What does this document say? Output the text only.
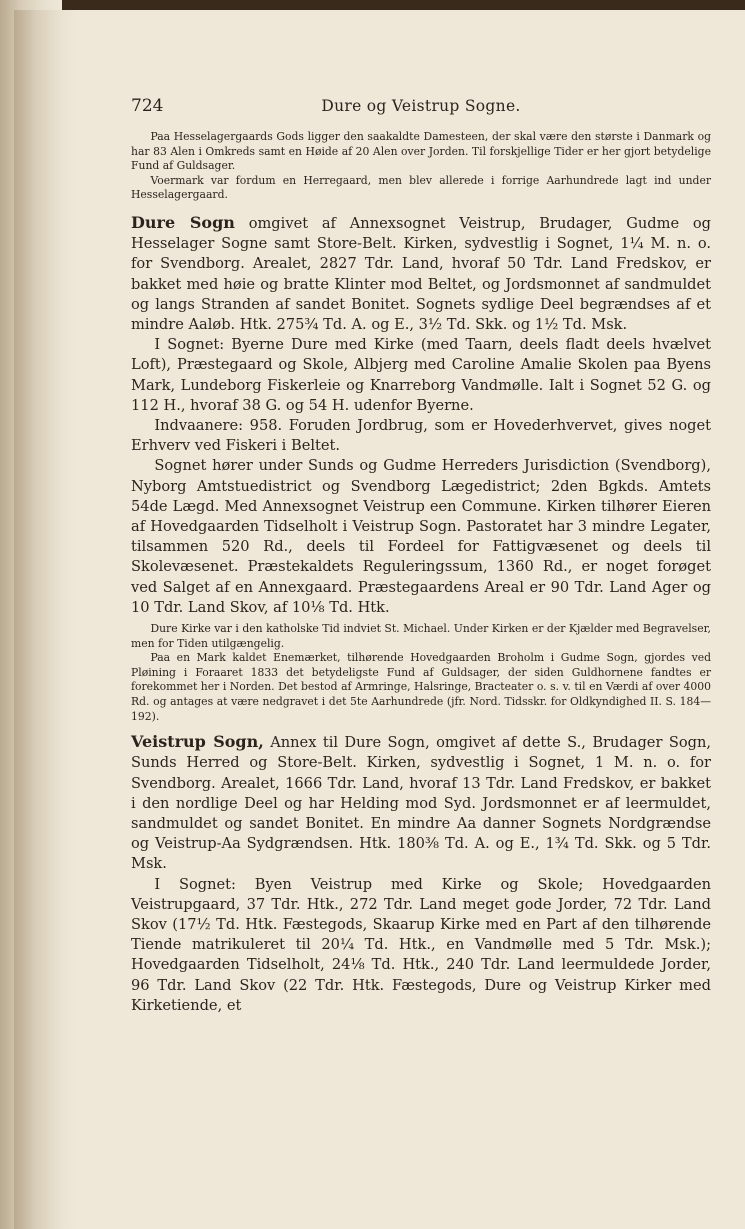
724	Dure og Veistrup Sogne.

Paa Hesselagergaards Gods ligger den saakaldte Damesteen, der skal være den største i Danmark og har 83 Alen i Omkreds samt en Høide af 20 Alen over Jorden. Til forskjellige Tider er her gjort betydelige Fund af Guldsager.

Voermark var fordum en Herregaard, men blev allerede i forrige Aarhundrede lagt ind under Hesselagergaard.

Dure Sogn omgivet af Annexsognet Veistrup, Brudager, Gudme og Hesselager Sogne samt Store-Belt. Kirken, sydvestlig i Sognet, 1¼ M. n. o. for Svendborg. Arealet, 2827 Tdr. Land, hvoraf 50 Tdr. Land Fredskov, er bakket med høie og bratte Klinter mod Beltet, og Jordsmonnet af sandmuldet og langs Stranden af sandet Bonitet. Sognets sydlige Deel begrændses af et mindre Aaløb. Htk. 275¾ Td. A. og E., 3½ Td. Skk. og 1½ Td. Msk.

I Sognet: Byerne Dure med Kirke (med Taarn, deels fladt deels hvælvet Loft), Præstegaard og Skole, Albjerg med Caroline Amalie Skolen paa Byens Mark, Lundeborg Fiskerleie og Knarreborg Vandmølle. Ialt i Sognet 52 G. og 112 H., hvoraf 38 G. og 54 H. udenfor Byerne.

Indvaanere: 958. Foruden Jordbrug, som er Hovederhvervet, gives noget Erhverv ved Fiskeri i Beltet.

Sognet hører under Sunds og Gudme Herreders Jurisdiction (Svendborg), Nyborg Amtstuedistrict og Svendborg Lægedistrict; 2den Bgkds. Amtets 54de Lægd. Med Annexsognet Veistrup een Commune. Kirken tilhører Eieren af Hovedgaarden Tidselholt i Veistrup Sogn. Pastoratet har 3 mindre Legater, tilsammen 520 Rd., deels til Fordeel for Fattigvæsenet og deels til Skolevæsenet. Præstekaldets Reguleringssum, 1360 Rd., er noget forøget ved Salget af en Annexgaard. Præstegaardens Areal er 90 Tdr. Land Ager og 10 Tdr. Land Skov, af 10⅛ Td. Htk.

Dure Kirke var i den katholske Tid indviet St. Michael. Under Kirken er der Kjælder med Begravelser, men for Tiden utilgængelig.

Paa en Mark kaldet Enemærket, tilhørende Hovedgaarden Broholm i Gudme Sogn, gjordes ved Pløining i Foraaret 1833 det betydeligste Fund af Guldsager, der siden Guldhornene fandtes er forekommet her i Norden. Det bestod af Armringe, Halsringe, Bracteater o. s. v. til en Værdi af over 4000 Rd. og antages at være nedgravet i det 5te Aarhundrede (jfr. Nord. Tidsskr. for Oldkyndighed II. S. 184—192).

Veistrup Sogn, Annex til Dure Sogn, omgivet af dette S., Brudager Sogn, Sunds Herred og Store-Belt. Kirken, sydvestlig i Sognet, 1 M. n. o. for Svendborg. Arealet, 1666 Tdr. Land, hvoraf 13 Tdr. Land Fredskov, er bakket i den nordlige Deel og har Helding mod Syd. Jordsmonnet er af leermuldet, sandmuldet og sandet Bonitet. En mindre Aa danner Sognets Nordgrændse og Veistrup-Aa Sydgrændsen. Htk. 180⅜ Td. A. og E., 1¾ Td. Skk. og 5 Tdr. Msk.

I Sognet: Byen Veistrup med Kirke og Skole; Hovedgaarden Veistrupgaard, 37 Tdr. Htk., 272 Tdr. Land meget gode Jorder, 72 Tdr. Land Skov (17½ Td. Htk. Fæstegods, Skaarup Kirke med en Part af den tilhørende Tiende matrikuleret til 20¼ Td. Htk., en Vandmølle med 5 Tdr. Msk.); Hovedgaarden Tidselholt, 24⅛ Td. Htk., 240 Tdr. Land leermuldede Jorder, 96 Tdr. Land Skov (22 Tdr. Htk. Fæstegods, Dure og Veistrup Kirker med Kirketiende, et
